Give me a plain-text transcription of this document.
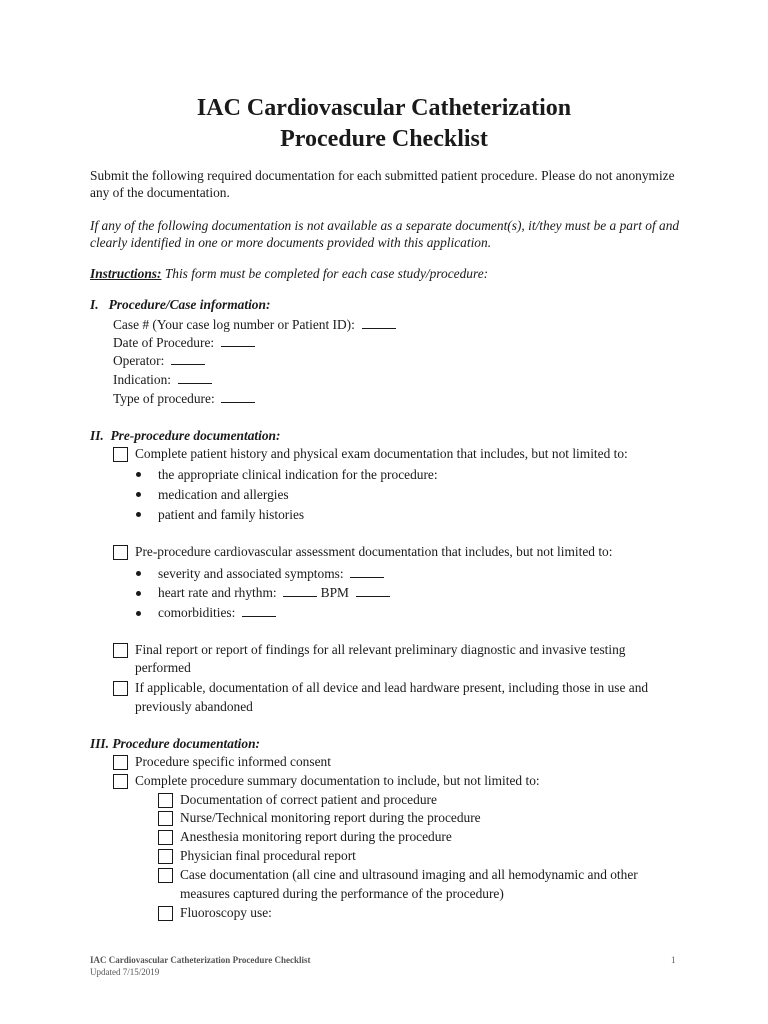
IAC Cardiovascular Catheterization
Procedure Checklist
Submit the following required documentation for each submitted patient procedure. Please do not anonymize any of the documentation.
If any of the following documentation is not available as a separate document(s), it/they must be a part of and clearly identified in one or more documents provided with this application.
Instructions: This form must be completed for each case study/procedure:
I.   Procedure/Case information:
Case # (Your case log number or Patient ID):
Date of Procedure:
Operator:
Indication:
Type of procedure:
II.  Pre-procedure documentation:
Complete patient history and physical exam documentation that includes, but not limited to:
the appropriate clinical indication for the procedure:
medication and allergies
patient and family histories
Pre-procedure cardiovascular assessment documentation that includes, but not limited to:
severity and associated symptoms:
heart rate and rhythm:	BPM
comorbidities:
Final report or report of findings for all relevant preliminary diagnostic and invasive testing
performed
If applicable, documentation of all device and lead hardware present, including those in use and
previously abandoned
III. Procedure documentation:
Procedure specific informed consent
Complete procedure summary documentation to include, but not limited to:
Documentation of correct patient and procedure
Nurse/Technical monitoring report during the procedure
Anesthesia monitoring report during the procedure
Physician final procedural report
Case documentation (all cine and ultrasound imaging and all hemodynamic and other
measures captured during the performance of the procedure)
Fluoroscopy use:
IAC Cardiovascular Catheterization Procedure Checklist
Updated 7/15/2019
1
